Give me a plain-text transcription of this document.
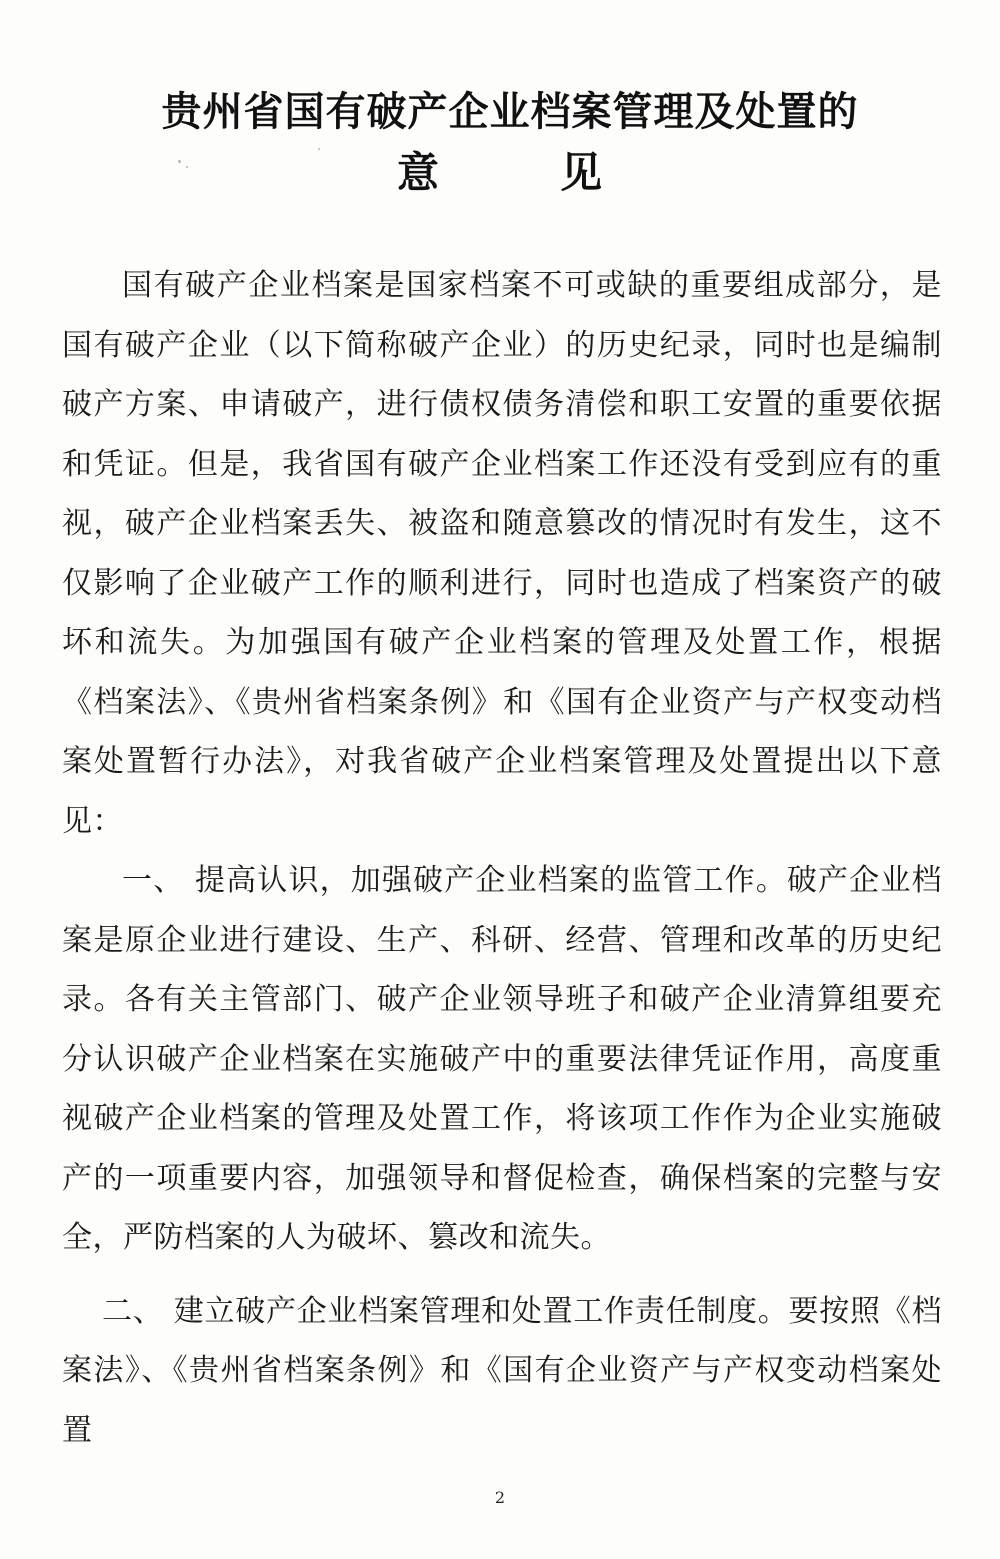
贵州省国有破产企业档案管理及处置的
意	见

国有破产企业档案是国家档案不可或缺的重要组成部分，是国有破产企业（以下简称破产企业）的历史纪录，同时也是编制破产方案、申请破产，进行债权债务清偿和职工安置的重要依据和凭证。但是，我省国有破产企业档案工作还没有受到应有的重视，破产企业档案丢失、被盗和随意篡改的情况时有发生，这不仅影响了企业破产工作的顺利进行，同时也造成了档案资产的破坏和流失。为加强国有破产企业档案的管理及处置工作，根据《档案法》、《贵州省档案条例》和《国有企业资产与产权变动档案处置暂行办法》，对我省破产企业档案管理及处置提出以下意见：

一、 提高认识，加强破产企业档案的监管工作。破产企业档案是原企业进行建设、生产、科研、经营、管理和改革的历史纪录。各有关主管部门、破产企业领导班子和破产企业清算组要充分认识破产企业档案在实施破产中的重要法律凭证作用，高度重视破产企业档案的管理及处置工作，将该项工作作为企业实施破产的一项重要内容，加强领导和督促检查，确保档案的完整与安全，严防档案的人为破坏、篡改和流失。

二、 建立破产企业档案管理和处置工作责任制度。要按照《档案法》、《贵州省档案条例》和《国有企业资产与产权变动档案处置

2
